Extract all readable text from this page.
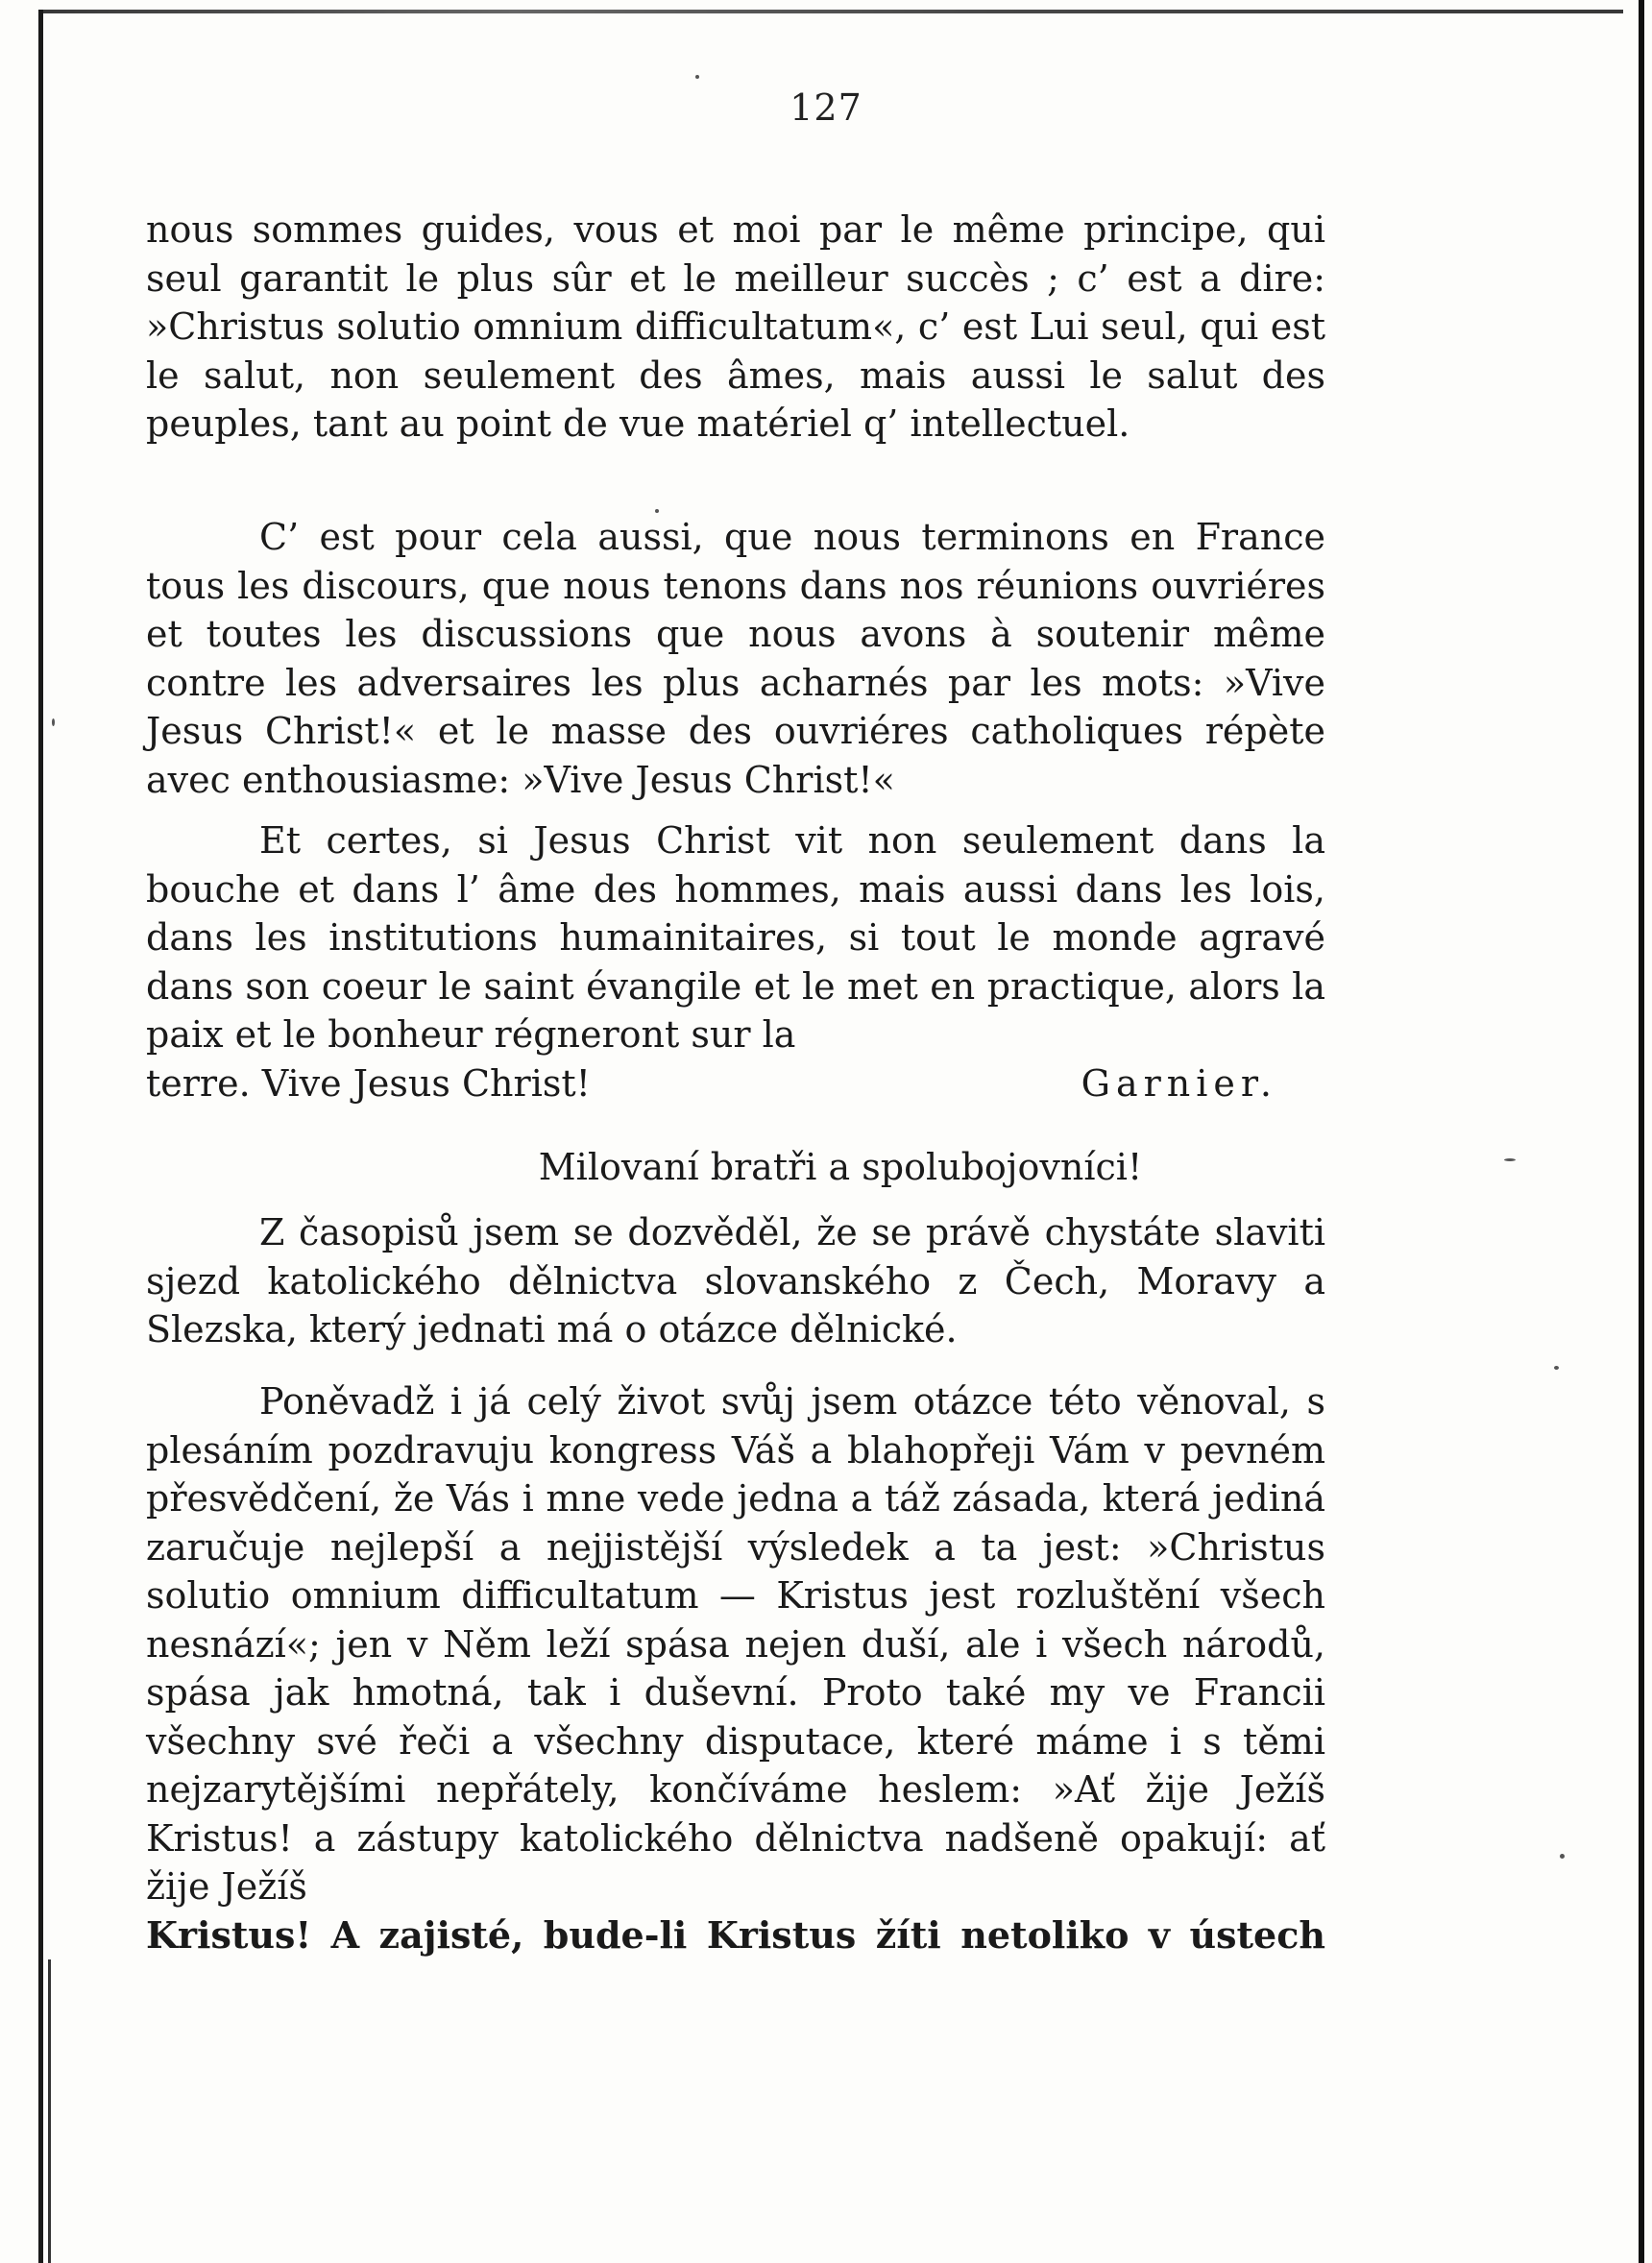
127

nous sommes guides, vous et moi par le même principe, qui seul garantit le plus sûr et le meilleur succès ; c’ est a dire: »Christus solutio omnium difficultatum«, c’ est Lui seul, qui est le salut, non seulement des âmes, mais aussi le salut des peuples, tant au point de vue matériel q’ intellectuel.

C’ est pour cela aussi, que nous terminons en France tous les discours, que nous tenons dans nos réunions ouvriéres et toutes les discussions que nous avons à soutenir même contre les adversaires les plus acharnés par les mots: »Vive Jesus Christ!« et le masse des ouvriéres catholiques répète avec enthousiasme: »Vive Jesus Christ!«

Et certes, si Jesus Christ vit non seulement dans la bouche et dans l’ âme des hommes, mais aussi dans les lois, dans les institutions humainitaires, si tout le monde agravé dans son coeur le saint évangile et le met en practique, alors la paix et le bonheur régneront sur la

terre. Vive Jesus Christ!	Garnier.
Milovaní bratři a spolubojovníci!

Z časopisů jsem se dozvěděl, že se právě chystáte slaviti sjezd katolického dělnictva slovanského z Čech, Moravy a Slezska, který jednati má o otázce dělnické.

Poněvadž i já celý život svůj jsem otázce této věnoval, s plesáním pozdravuju kongress Váš a blahopřeji Vám v pevném přesvědčení, že Vás i mne vede jedna a táž zásada, která jediná zaručuje nejlepší a nejjistější výsledek a ta jest: »Christus solutio omnium difficultatum — Kristus jest rozluštění všech nesnází«; jen v Něm leží spása nejen duší, ale i všech národů, spása jak hmotná, tak i duševní. Proto také my ve Francii všechny své řeči a všechny disputace, které máme i s těmi nejzarytějšími nepřátely, končíváme heslem: »Ať žije Ježíš Kristus! a zástupy katolického dělnictva nadšeně opakují: ať žije Ježíš

Kristus! A zajisté, bude-li Kristus žíti netoliko v ústech
